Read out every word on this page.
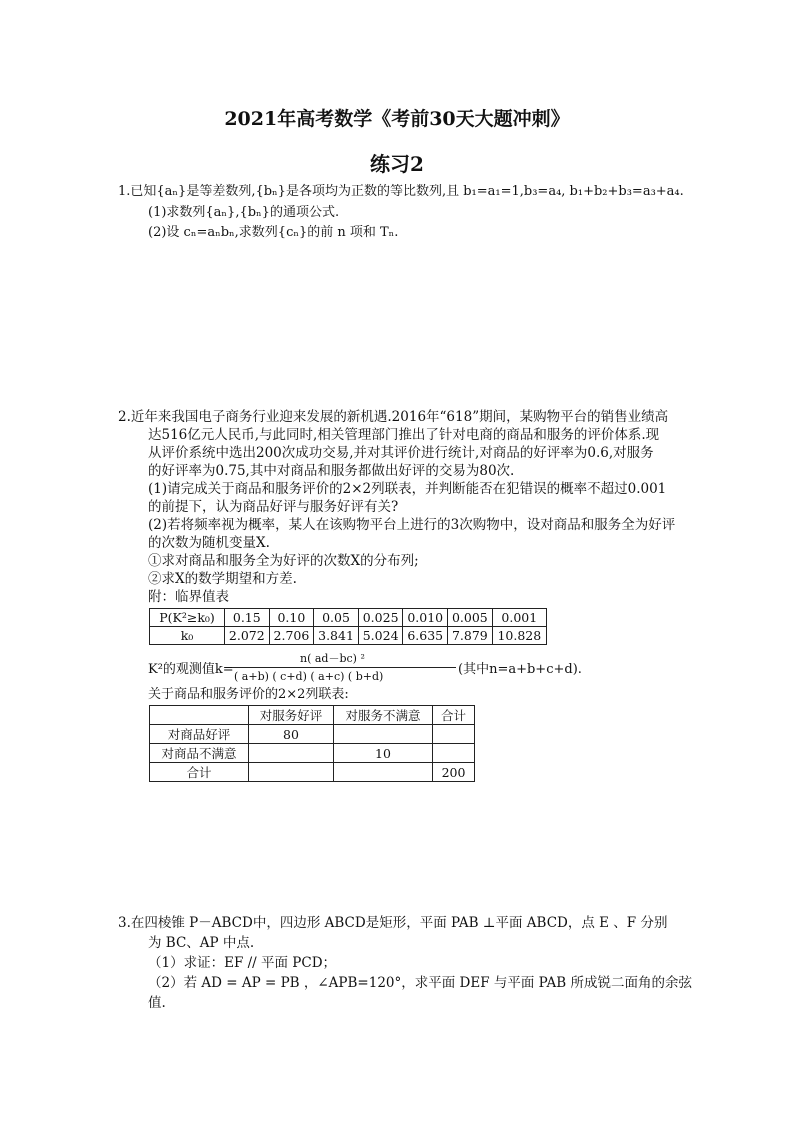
2021年高考数学《考前30天大题冲刺》
练习2
1.已知{aₙ}是等差数列,{bₙ}是各项均为正数的等比数列,且 b₁=a₁=1,b₃=a₄, b₁+b₂+b₃=a₃+a₄.
(1)求数列{aₙ},{bₙ}的通项公式.
(2)设 cₙ=aₙbₙ,求数列{cₙ}的前 n 项和 Tₙ.
2.近年来我国电子商务行业迎来发展的新机遇.2016年“618”期间，某购物平台的销售业绩高
达516亿元人民币,与此同时,相关管理部门推出了针对电商的商品和服务的评价体系.现
从评价系统中选出200次成功交易,并对其评价进行统计,对商品的好评率为0.6,对服务
的好评率为0.75,其中对商品和服务都做出好评的交易为80次.
(1)请完成关于商品和服务评价的2×2列联表，并判断能否在犯错误的概率不超过0.001
的前提下，认为商品好评与服务好评有关?
(2)若将频率视为概率，某人在该购物平台上进行的3次购物中，设对商品和服务全为好评
的次数为随机变量X.
①求对商品和服务全为好评的次数X的分布列;
②求X的数学期望和方差.
附：临界值表
P(K²≥k₀)	0.15	0.10	0.05	0.025	0.010	0.005	0.001
k₀	2.072	2.706	3.841	5.024	6.635	7.879	10.828
K²的观测值k=
n( ad－bc) ²
( a+b) ( c+d) ( a+c) ( b+d)	(其中n=a+b+c+d).
关于商品和服务评价的2×2列联表:
	对服务好评	对服务不满意	合计
对商品好评	80		
对商品不满意		10	
合计			200
3.在四棱锥 P－ABCD中，四边形 ABCD是矩形，平面 PAB ⊥平面 ABCD，点 E 、F 分别
为 BC、AP 中点.
（1）求证：EF // 平面 PCD；
（2）若 AD = AP = PB ，∠APB=120°，求平面 DEF 与平面 PAB 所成锐二面角的余弦
值.
